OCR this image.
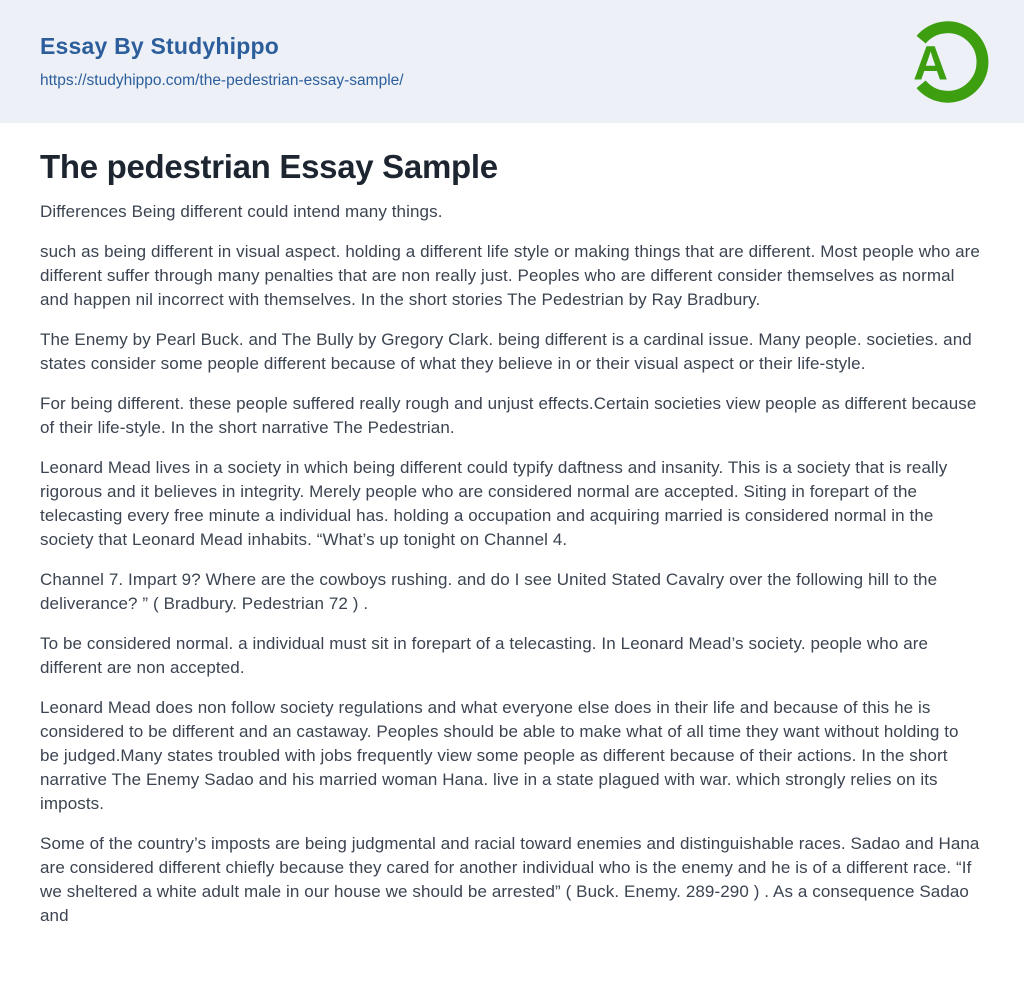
Essay By Studyhippo
https://studyhippo.com/the-pedestrian-essay-sample/	A
The pedestrian Essay Sample

Differences Being different could intend many things.

such as being different in visual aspect. holding a different life style or making things that are different. Most people who are different suffer through many penalties that are non really just. Peoples who are different consider themselves as normal and happen nil incorrect with themselves. In the short stories The Pedestrian by Ray Bradbury.

The Enemy by Pearl Buck. and The Bully by Gregory Clark. being different is a cardinal issue. Many people. societies. and states consider some people different because of what they believe in or their visual aspect or their life-style.

For being different. these people suffered really rough and unjust effects.Certain societies view people as different because of their life-style. In the short narrative The Pedestrian.

Leonard Mead lives in a society in which being different could typify daftness and insanity. This is a society that is really rigorous and it believes in integrity. Merely people who are considered normal are accepted. Siting in forepart of the telecasting every free minute a individual has. holding a occupation and acquiring married is considered normal in the society that Leonard Mead inhabits. “What’s up tonight on Channel 4.

Channel 7. Impart 9? Where are the cowboys rushing. and do I see United Stated Cavalry over the following hill to the deliverance? ” ( Bradbury. Pedestrian 72 ) .

To be considered normal. a individual must sit in forepart of a telecasting. In Leonard Mead’s society. people who are different are non accepted.

Leonard Mead does non follow society regulations and what everyone else does in their life and because of this he is considered to be different and an castaway. Peoples should be able to make what of all time they want without holding to be judged.Many states troubled with jobs frequently view some people as different because of their actions. In the short narrative The Enemy Sadao and his married woman Hana. live in a state plagued with war. which strongly relies on its imposts.

Some of the country’s imposts are being judgmental and racial toward enemies and distinguishable races. Sadao and Hana are considered different chiefly because they cared for another individual who is the enemy and he is of a different race. “If we sheltered a white adult male in our house we should be arrested” ( Buck. Enemy. 289-290 ) . As a consequence Sadao and
